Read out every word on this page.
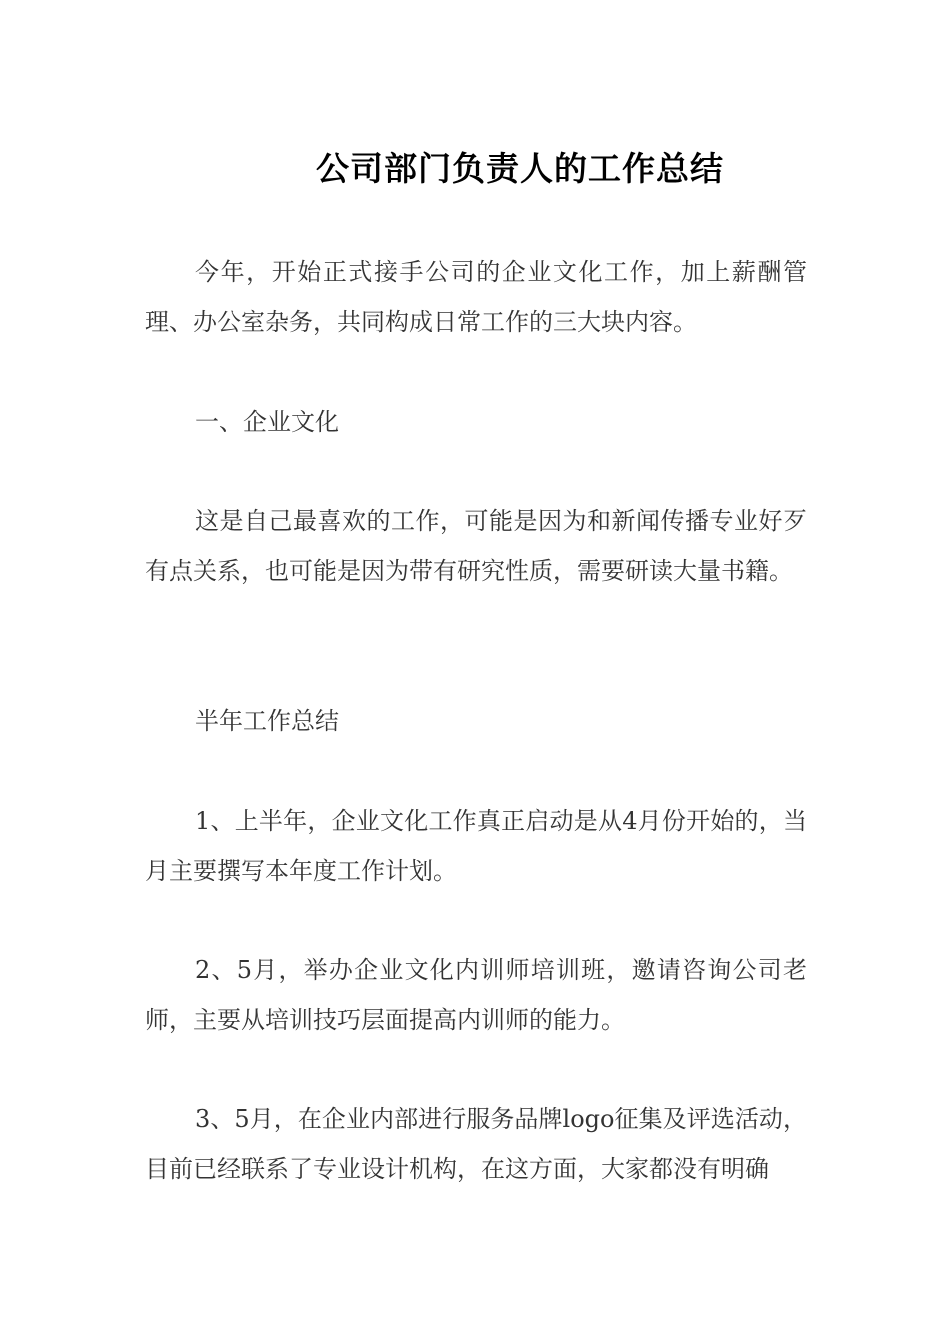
公司部门负责人的工作总结

今年，开始正式接手公司的企业文化工作，加上薪酬管理、办公室杂务，共同构成日常工作的三大块内容。

一、企业文化

这是自己最喜欢的工作，可能是因为和新闻传播专业好歹有点关系，也可能是因为带有研究性质，需要研读大量书籍。

半年工作总结

1、上半年，企业文化工作真正启动是从4月份开始的，当月主要撰写本年度工作计划。

2、5月，举办企业文化内训师培训班，邀请咨询公司老师，主要从培训技巧层面提高内训师的能力。

3、5月，在企业内部进行服务品牌logo征集及评选活动，目前已经联系了专业设计机构，在这方面，大家都没有明确
